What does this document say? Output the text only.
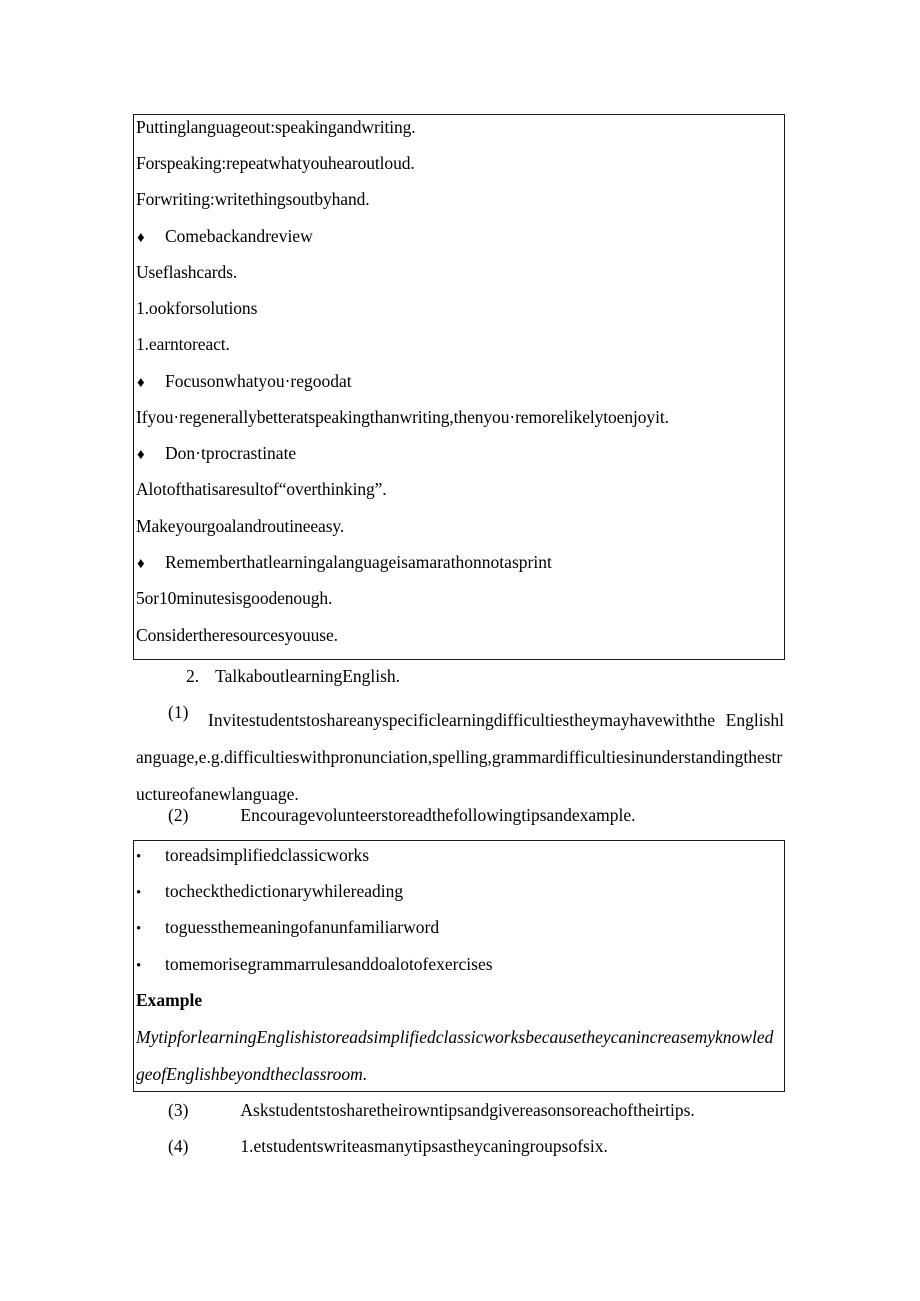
Puttinglanguageout:speakingandwriting.
Forspeaking:repeatwhatyouhearoutloud.
Forwriting:writethingsoutbyhand.
♦	Comebackandreview
Useflashcards.
1.ookforsolutions
1.earntoreact.
♦	Focusonwhatyou·regoodat
Ifyou·regenerallybetteratspeakingthanwriting,thenyou·remorelikelytoenjoyit.
♦	Don·tprocrastinate
Alotofthatisaresultof“overthinking”.
Makeyourgoalandroutineeasy.
♦	Rememberthatlearningalanguageisamarathonnotasprint
5or10minutesisgoodenough.
Considertheresourcesyouuse.
2. TalkaboutlearningEnglish.
(1)	Invitestudentstoshareanyspecificlearningdifficultiestheymayhavewiththe Englishlanguage,e.g.difficultieswithpronunciation,spelling,grammardifficultiesinunderstandingthestructureofanewlanguage.
(2)	Encouragevolunteerstoreadthefollowingtipsandexample.
•	toreadsimplifiedclassicworks
•	tocheckthedictionarywhilereading
•	toguessthemeaningofanunfamiliarword
•	tomemorisegrammarrulesanddoalotofexercises
Example
MytipforlearningEnglishistoreadsimplifiedclassicworksbecausetheycanincreasemyknowledgeofEnglishbeyondtheclassroom.
(3)	Askstudentstosharetheirowntipsandgivereasonsoreachoftheirtips.
(4)	1.etstudentswriteasmanytipsastheycaningroupsofsix.
